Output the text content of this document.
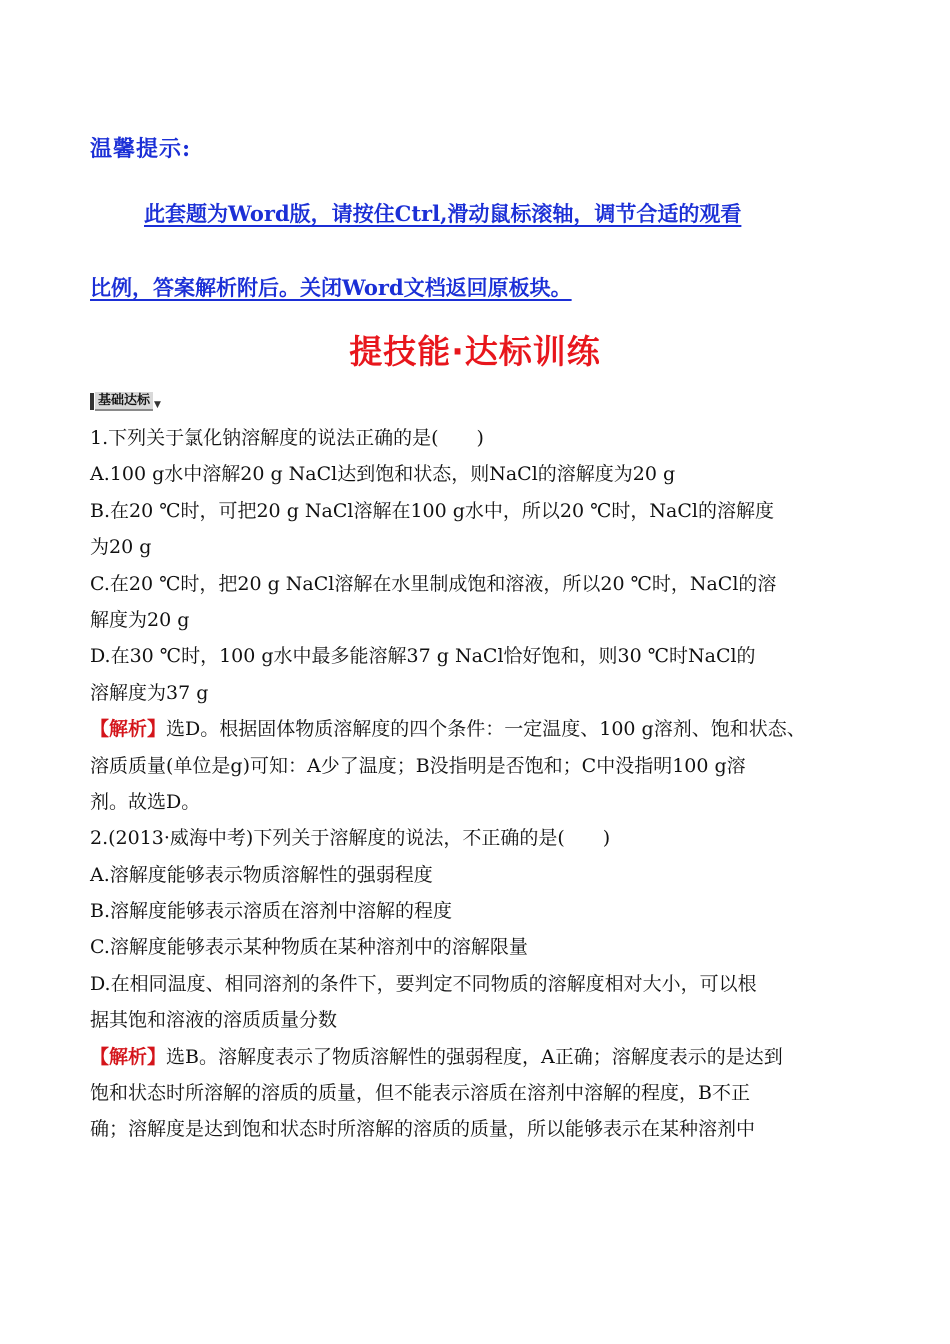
温馨提示:
此套题为Word版，请按住Ctrl,滑动鼠标滚轴，调节合适的观看
比例，答案解析附后。关闭Word文档返回原板块。
提技能·达标训练
基础达标 ▼
1.下列关于氯化钠溶解度的说法正确的是(　　)
A.100 g水中溶解20 g NaCl达到饱和状态，则NaCl的溶解度为20 g
B.在20 ℃时，可把20 g NaCl溶解在100 g水中，所以20 ℃时，NaCl的溶解度
为20 g
C.在20 ℃时，把20 g NaCl溶解在水里制成饱和溶液，所以20 ℃时，NaCl的溶
解度为20 g
D.在30 ℃时，100 g水中最多能溶解37 g NaCl恰好饱和，则30 ℃时NaCl的
溶解度为37 g
【解析】选D。根据固体物质溶解度的四个条件：一定温度、100 g溶剂、饱和状态、
溶质质量(单位是g)可知：A少了温度；B没指明是否饱和；C中没指明100 g溶
剂。故选D。
2.(2013·威海中考)下列关于溶解度的说法，不正确的是(　　)
A.溶解度能够表示物质溶解性的强弱程度
B.溶解度能够表示溶质在溶剂中溶解的程度
C.溶解度能够表示某种物质在某种溶剂中的溶解限量
D.在相同温度、相同溶剂的条件下，要判定不同物质的溶解度相对大小，可以根
据其饱和溶液的溶质质量分数
【解析】选B。溶解度表示了物质溶解性的强弱程度，A正确；溶解度表示的是达到
饱和状态时所溶解的溶质的质量，但不能表示溶质在溶剂中溶解的程度，B不正
确；溶解度是达到饱和状态时所溶解的溶质的质量，所以能够表示在某种溶剂中
